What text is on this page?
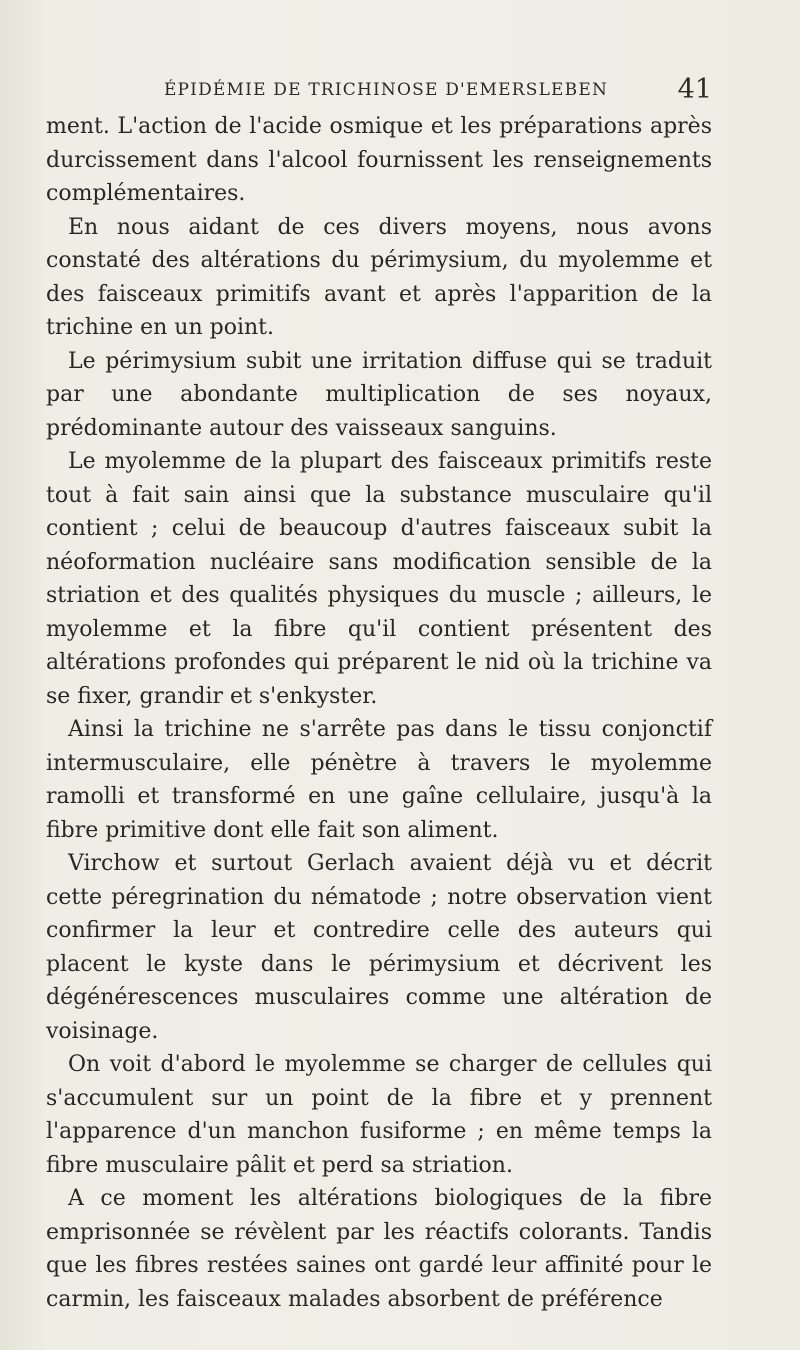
ÉPIDÉMIE DE TRICHINOSE D'EMERSLEBEN	41

ment. L'action de l'acide osmique et les préparations après durcissement dans l'alcool fournissent les renseignements complémentaires.

En nous aidant de ces divers moyens, nous avons constaté des altérations du périmysium, du myolemme et des faisceaux primitifs avant et après l'apparition de la trichine en un point.

Le périmysium subit une irritation diffuse qui se traduit par une abondante multiplication de ses noyaux, prédominante autour des vaisseaux sanguins.

Le myolemme de la plupart des faisceaux primitifs reste tout à fait sain ainsi que la substance musculaire qu'il contient ; celui de beaucoup d'autres faisceaux subit la néoformation nucléaire sans modification sensible de la striation et des qualités physiques du muscle ; ailleurs, le myolemme et la fibre qu'il contient présentent des altérations profondes qui préparent le nid où la trichine va se fixer, grandir et s'enkyster.

Ainsi la trichine ne s'arrête pas dans le tissu conjonctif intermusculaire, elle pénètre à travers le myolemme ramolli et transformé en une gaîne cellulaire, jusqu'à la fibre primitive dont elle fait son aliment.

Virchow et surtout Gerlach avaient déjà vu et décrit cette péregrination du nématode ; notre observation vient confirmer la leur et contredire celle des auteurs qui placent le kyste dans le périmysium et décrivent les dégénérescences musculaires comme une altération de voisinage.

On voit d'abord le myolemme se charger de cellules qui s'accumulent sur un point de la fibre et y prennent l'apparence d'un manchon fusiforme ; en même temps la fibre musculaire pâlit et perd sa striation.

A ce moment les altérations biologiques de la fibre emprisonnée se révèlent par les réactifs colorants. Tandis que les fibres restées saines ont gardé leur affinité pour le carmin, les faisceaux malades absorbent de préférence
